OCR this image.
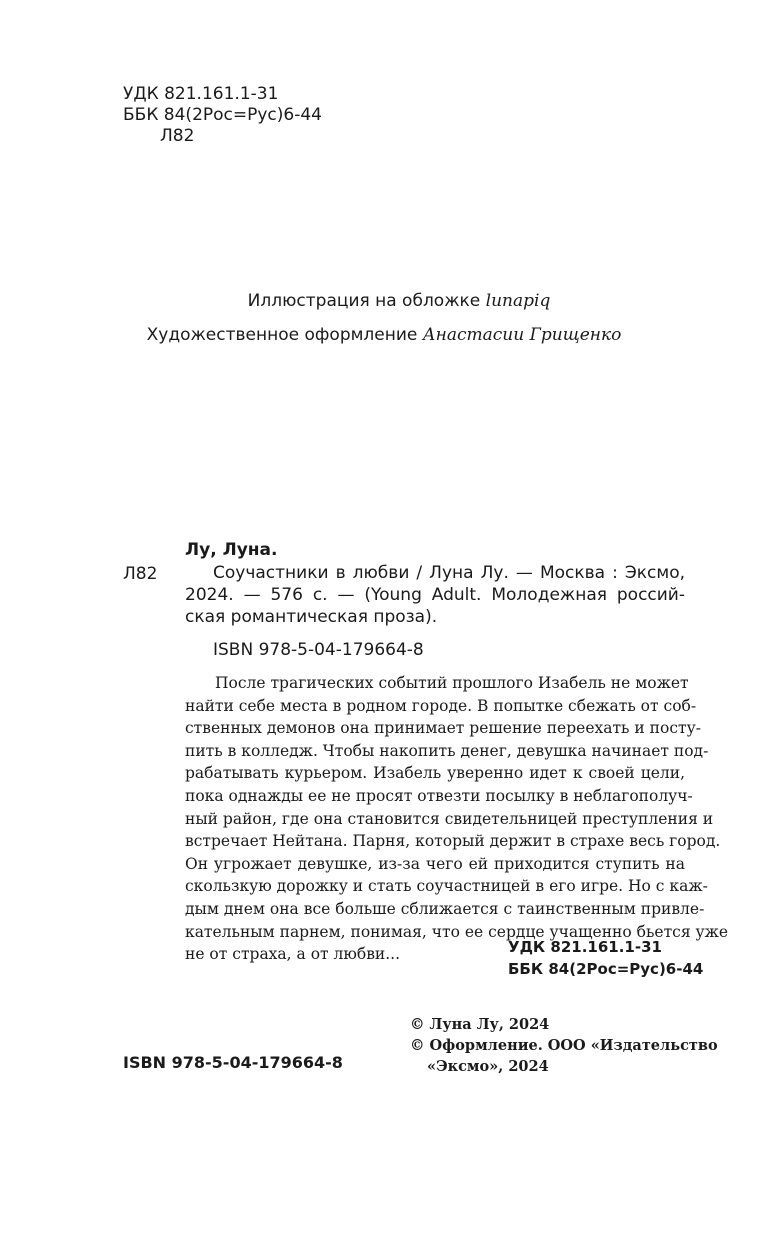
УДК 821.161.1-31
ББК 84(2Рос=Рус)6-44
Л82
Иллюстрация на обложке lunapiq
Художественное оформление Анастасии Грищенко
Лу, Луна.
Л82	Соучастники в любви / Луна Лу. — Москва : Эксмо,
2024. — 576 с. — (Young Adult. Молодежная россий-
ская романтическая проза).
ISBN 978-5-04-179664-8
После трагических событий прошлого Изабель не может
найти себе места в родном городе. В попытке сбежать от соб-
ственных демонов она принимает решение переехать и посту-
пить в колледж. Чтобы накопить денег, девушка начинает под-
рабатывать курьером. Изабель уверенно идет к своей цели,
пока однажды ее не просят отвезти посылку в неблагополуч-
ный район, где она становится свидетельницей преступления и
встречает Нейтана. Парня, который держит в страхе весь город.
Он угрожает девушке, из-за чего ей приходится ступить на
скользкую дорожку и стать соучастницей в его игре. Но с каж-
дым днем она все больше сближается с таинственным привле-
кательным парнем, понимая, что ее сердце учащенно бьется уже
не от страха, а от любви...	УДК 821.161.1-31
ББК 84(2Рос=Рус)6-44
© Луна Лу, 2024
© Оформление. ООО «Издательство
«Эксмо», 2024
ISBN 978-5-04-179664-8
